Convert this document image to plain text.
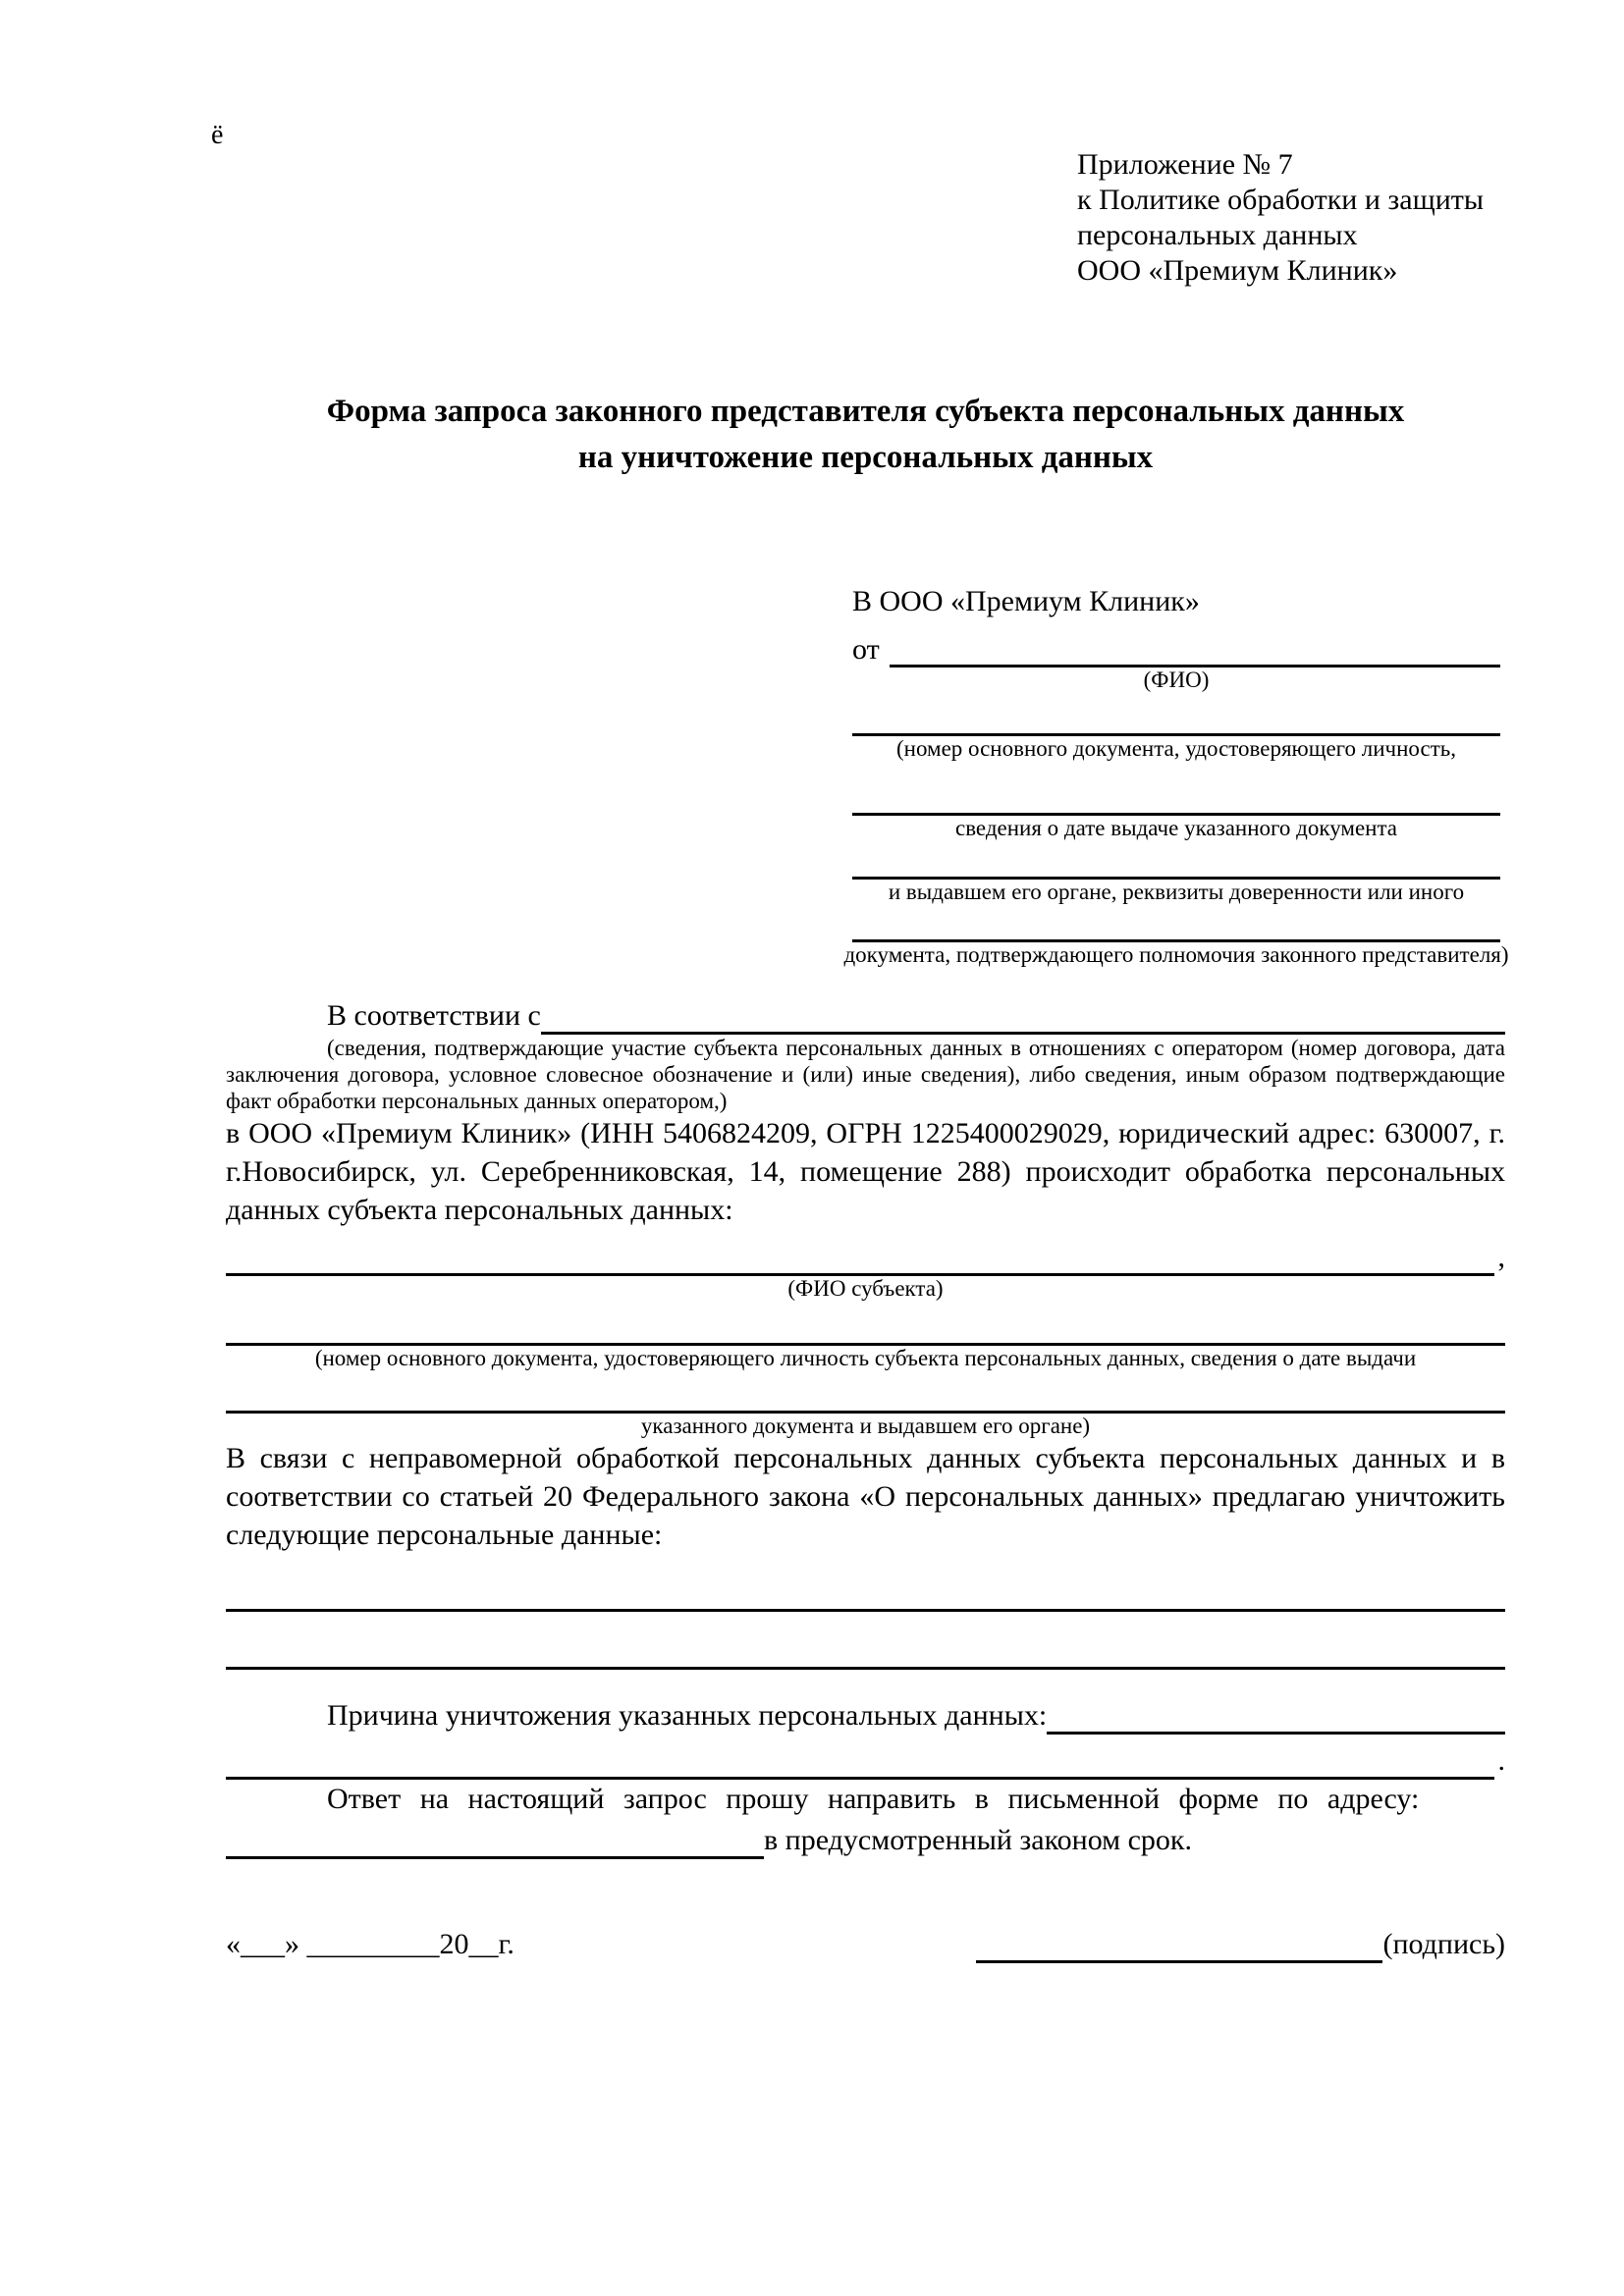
ё
Приложение № 7
к Политике обработки и защиты
персональных данных
ООО «Премиум Клиник»
Форма запроса законного представителя субъекта персональных данных
на уничтожение персональных данных
В ООО «Премиум Клиник»
от
(ФИО)
(номер основного документа, удостоверяющего личность,
сведения о дате выдаче указанного документа
и выдавшем его органе, реквизиты доверенности или иного
документа, подтверждающего полномочия законного представителя)
В соответствии с

(сведения, подтверждающие участие субъекта персональных данных в отношениях с оператором (номер договора, дата заключения договора, условное словесное обозначение и (или) иные сведения), либо сведения, иным образом подтверждающие факт обработки персональных данных оператором,)

в ООО «Премиум Клиник» (ИНН 5406824209, ОГРН 1225400029029, юридический адрес: 630007, г. г.Новосибирск, ул. Серебренниковская, 14, помещение 288) происходит обработка персональных данных субъекта персональных данных:

,
(ФИО субъекта)
(номер основного документа, удостоверяющего личность субъекта персональных данных, сведения о дате выдачи
указанного документа и выдавшем его органе)

В связи с неправомерной обработкой персональных данных субъекта персональных данных и в соответствии со статьей 20 Федерального закона «О персональных данных» предлагаю уничтожить следующие персональные данные:

Причина уничтожения указанных персональных данных:
.

Ответ на настоящий запрос прошу направить в письменной форме по адресу:

в предусмотренный законом срок.
«___» _________20__г.	(подпись)
